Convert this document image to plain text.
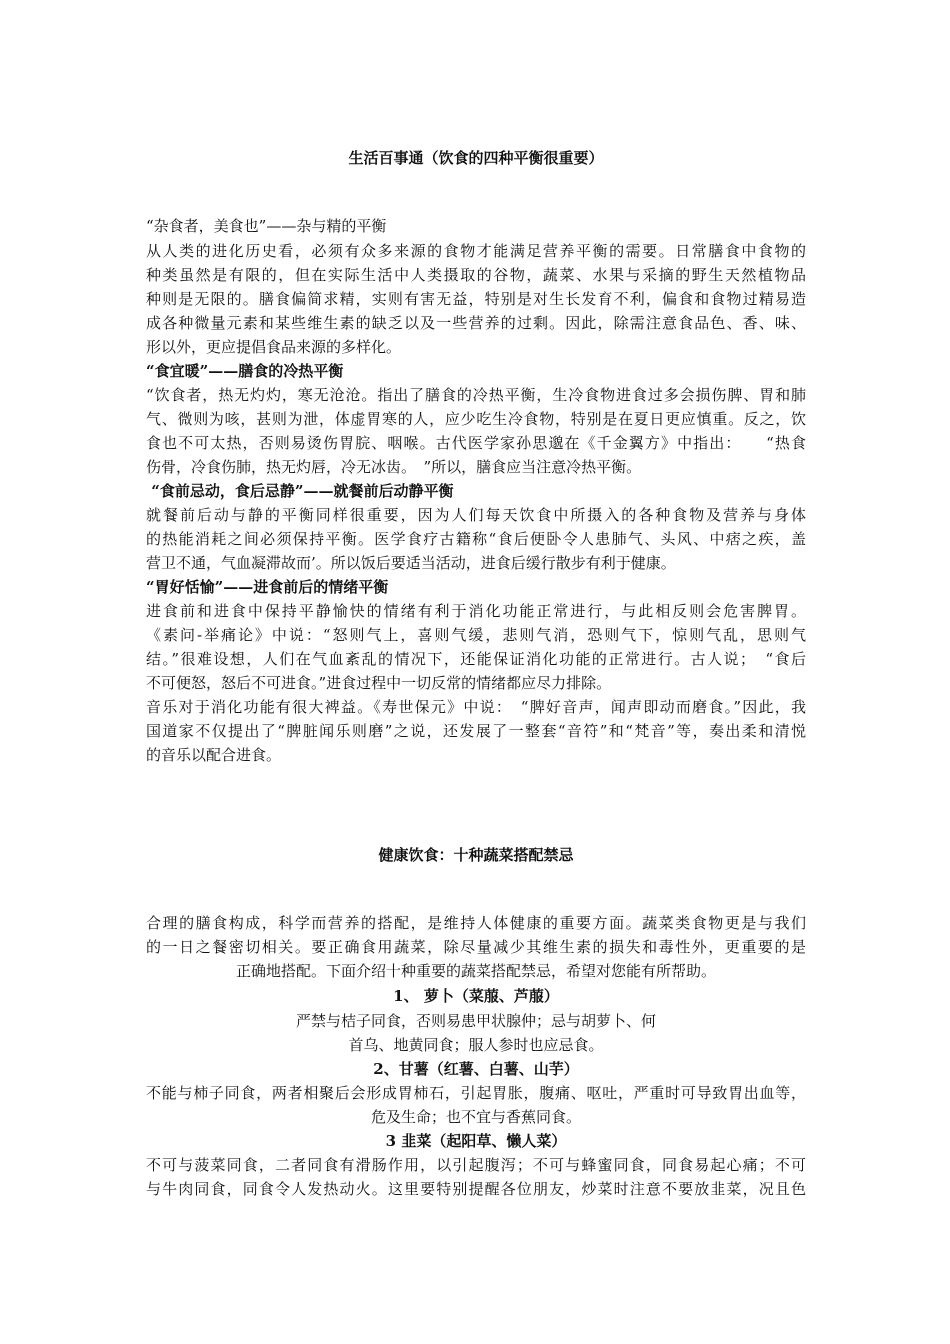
生活百事通（饮食的四种平衡很重要）
“杂食者，美食也”——杂与精的平衡
从人类的进化历史看，必须有众多来源的食物才能满足营养平衡的需要。日常膳食中食物的
种类虽然是有限的，但在实际生活中人类摄取的谷物，蔬菜、水果与采摘的野生天然植物品
种则是无限的。膳食偏简求精，实则有害无益，特别是对生长发育不利，偏食和食物过精易造
成各种微量元素和某些维生素的缺乏以及一些营养的过剩。因此，除需注意食品色、香、味、
形以外，更应提倡食品来源的多样化。
“食宜暖”——膳食的冷热平衡
“饮食者，热无灼灼，寒无沧沧。指出了膳食的冷热平衡，生冷食物进食过多会损伤脾、胃和肺
气、微则为咳，甚则为泄，体虚胃寒的人，应少吃生冷食物，特别是在夏日更应慎重。反之，饮
食也不可太热，否则易烫伤胃脘、咽喉。古代医学家孙思邈在《千金翼方》中指出：　　“热食
伤骨，冷食伤肺，热无灼唇，冷无冰齿。　”所以，膳食应当注意冷热平衡。
“食前忌动，食后忌静”——就餐前后动静平衡
就餐前后动与静的平衡同样很重要，因为人们每天饮食中所摄入的各种食物及营养与身体
的热能消耗之间必须保持平衡。医学食疗古籍称“食后便卧令人患肺气、头风、中痞之疾，盖
营卫不通，气血凝滞故而’。所以饭后要适当活动，进食后缓行散步有利于健康。
“胃好恬愉”——进食前后的情绪平衡
进食前和进食中保持平静愉快的情绪有利于消化功能正常进行，与此相反则会危害脾胃。
《素问-举痛论》中说：“怒则气上，喜则气缓，悲则气消，恐则气下，惊则气乱，思则气
结。”很难设想，人们在气血紊乱的情况下，还能保证消化功能的正常进行。古人说；　“食后
不可便怒，怒后不可进食。”进食过程中一切反常的情绪都应尽力排除。
音乐对于消化功能有很大裨益。《寿世保元》中说：　“脾好音声，闻声即动而磨食。”因此，我
国道家不仅提出了“脾脏闻乐则磨”之说，还发展了一整套“音符”和“梵音”等，奏出柔和清悦
的音乐以配合进食。
健康饮食：十种蔬菜搭配禁忌
合理的膳食构成，科学而营养的搭配，是维持人体健康的重要方面。蔬菜类食物更是与我们
的一日之餐密切相关。要正确食用蔬菜，除尽量减少其维生素的损失和毒性外，更重要的是
正确地搭配。下面介绍十种重要的蔬菜搭配禁忌，希望对您能有所帮助。
1、 萝卜（菜菔、芦菔）
严禁与桔子同食，否则易患甲状腺仲；忌与胡萝卜、何
首乌、地黄同食；服人参时也应忌食。
2、甘薯（红薯、白薯、山芋）
不能与柿子同食，两者相聚后会形成胃柿石，引起胃胀，腹痛、呕吐，严重时可导致胃出血等，
危及生命；也不宜与香蕉同食。
3 韭菜（起阳草、懒人菜）
不可与菠菜同食，二者同食有滑肠作用，以引起腹泻；不可与蜂蜜同食，同食易起心痛；不可
与牛肉同食，同食令人发热动火。这里要特别提醒各位朋友，炒菜时注意不要放韭菜，况且色
